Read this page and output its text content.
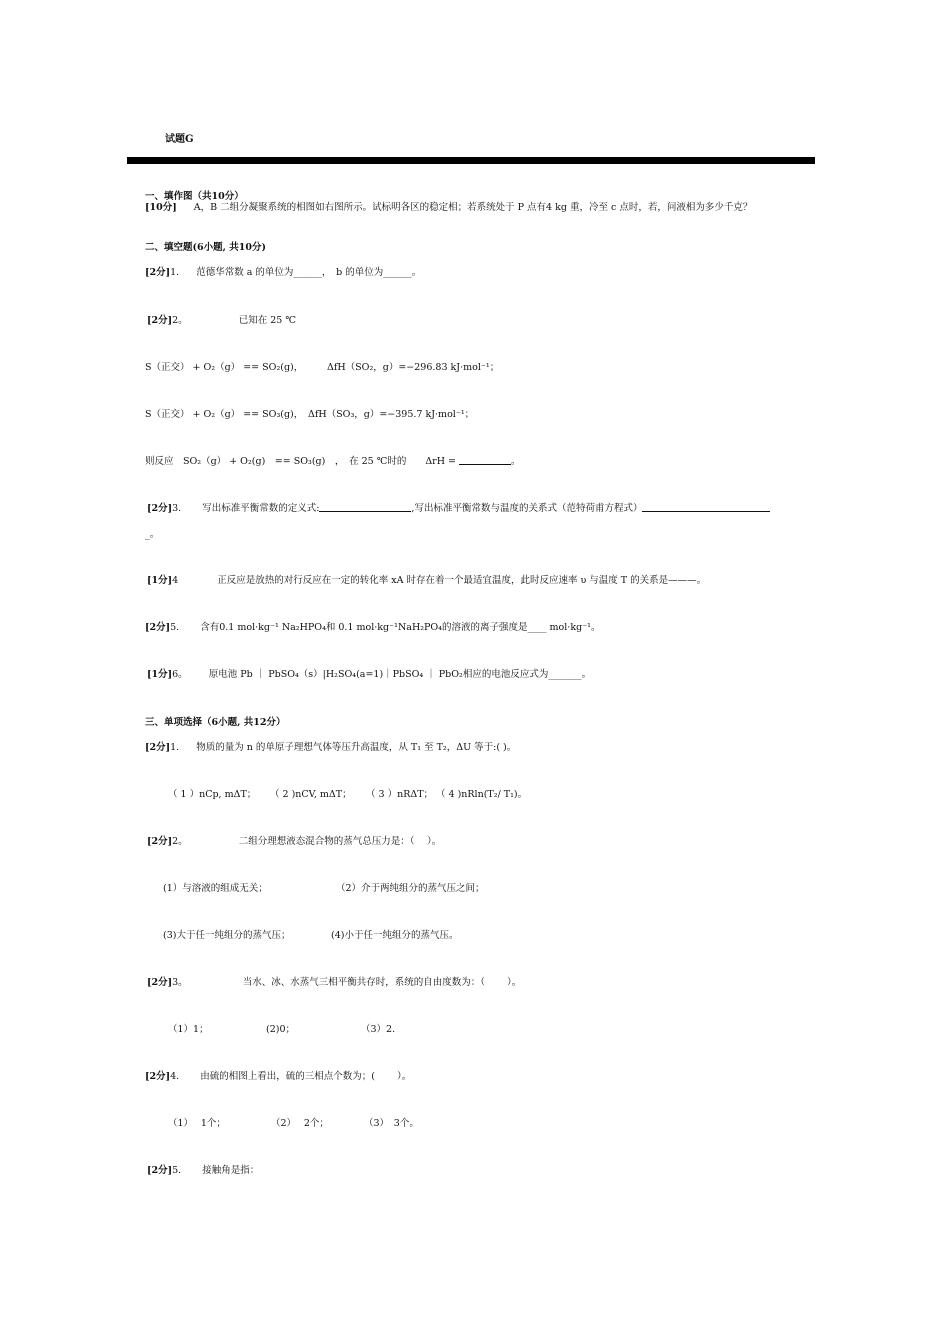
试题G
一、填作图（共10分）
[10分] A，B 二组分凝聚系统的相图如右图所示。试标明各区的稳定相；若系统处于 P 点有4 kg 重，冷至 c 点时，若，问液相为多少千克？
二、填空题(6小题, 共10分)
[2分]1. 范德华常数 a 的单位为______，　b 的单位为______。
[2分]2。	已知在 25 ℃
S（正交） + O₂（g） == SO₂(g)，　　　ΔfH（SO₂，g）=−296.83 kJ·mol⁻¹；
S（正交） + O₂（g） == SO₃(g)，　ΔfH（SO₃，g）=−395.7 kJ·mol⁻¹；
则反应　SO₂（g） + O₂(g)　== SO₃(g)　，　在 25 ℃时的　　ΔrH =	。
[2分]3. 写出标准平衡常数的定义式:	,写出标准平衡常数与温度的关系式（范特荷甫方程式）
_。
[1分]4	正反应是放热的对行反应在一定的转化率 xA 时存在着一个最适宜温度，此时反应速率 υ 与温度 T 的关系是———。
[2分]5. 含有0.1 mol·kg⁻¹ Na₂HPO₄和 0.1 mol·kg⁻¹NaH₂PO₄的溶液的离子强度是____ mol·kg⁻¹。
[1分]6。 原电池 Pb ｜ PbSO₄（s）|H₂SO₄(a=1)｜PbSO₄ ｜ PbO₂相应的电池反应式为_______。
三、单项选择（6小题, 共12分）
[2分]1. 物质的量为 n 的单原子理想气体等压升高温度，从 T₁ 至 T₂，ΔU 等于:( )。
（ 1 ）nCp, mΔT； （ 2 )nCV, mΔT； （ 3 ）nRΔT； （ 4 )nRln(T₂/ T₁)。
[2分]2。	二组分理想液态混合物的蒸气总压力是：（　 ）。
(1）与溶液的组成无关；	（2）介于两纯组分的蒸气压之间；
(3)大于任一纯组分的蒸气压；	(4)小于任一纯组分的蒸气压。
[2分]3。	当水、冰、水蒸气三相平衡共存时，系统的自由度数为：（　　 ）。
（1）1；	(2)0；	（3）2.
[2分]4. 由硫的相图上看出，硫的三相点个数为；(　　 ）。
（1）　 1个；	（2）　 2个；	（3）　3个。
[2分]5. 接触角是指：
